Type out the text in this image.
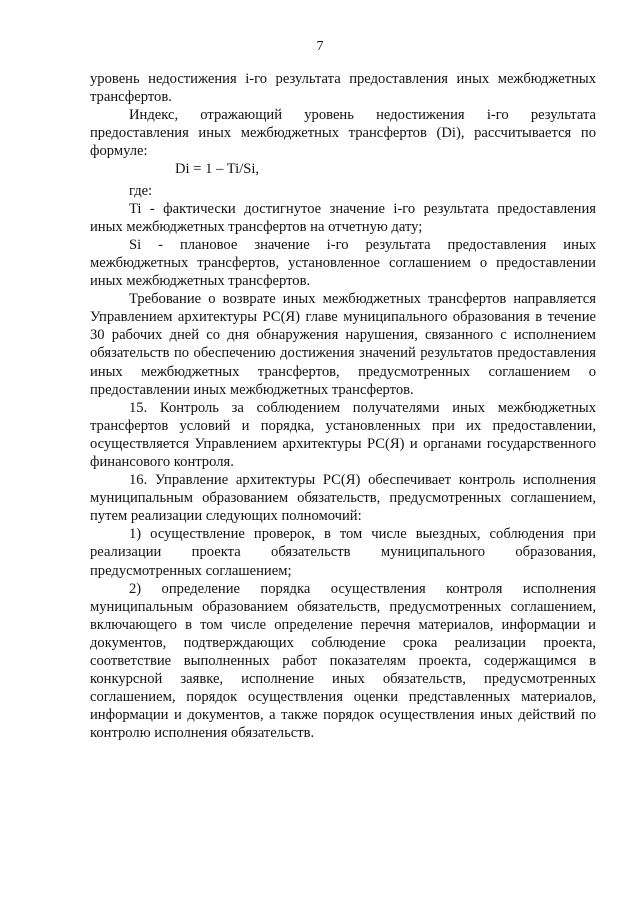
7

уровень недостижения i-го результата предоставления иных межбюджетных трансфертов.

Индекс, отражающий уровень недостижения i-го результата предоставления иных межбюджетных трансфертов (Di), рассчитывается по формуле:

Di = 1 – Ti/Si,

где:

Ti - фактически достигнутое значение i-го результата предоставления иных межбюджетных трансфертов на отчетную дату;

Si - плановое значение i-го результата предоставления иных межбюджетных трансфертов, установленное соглашением о предоставлении иных межбюджетных трансфертов.

Требование о возврате иных межбюджетных трансфертов направляется Управлением архитектуры РС(Я) главе муниципального образования в течение 30 рабочих дней со дня обнаружения нарушения, связанного с исполнением обязательств по обеспечению достижения значений результатов предоставления иных межбюджетных трансфертов, предусмотренных соглашением о предоставлении иных межбюджетных трансфертов.

15. Контроль за соблюдением получателями иных межбюджетных трансфертов условий и порядка, установленных при их предоставлении, осуществляется Управлением архитектуры РС(Я) и органами государственного финансового контроля.

16. Управление архитектуры РС(Я) обеспечивает контроль исполнения муниципальным образованием обязательств, предусмотренных соглашением, путем реализации следующих полномочий:

1) осуществление проверок, в том числе выездных, соблюдения при реализации проекта обязательств муниципального образования, предусмотренных соглашением;

2) определение порядка осуществления контроля исполнения муниципальным образованием обязательств, предусмотренных соглашением, включающего в том числе определение перечня материалов, информации и документов, подтверждающих соблюдение срока реализации проекта, соответствие выполненных работ показателям проекта, содержащимся в конкурсной заявке, исполнение иных обязательств, предусмотренных соглашением, порядок осуществления оценки представленных материалов, информации и документов, а также порядок осуществления иных действий по контролю исполнения обязательств.
